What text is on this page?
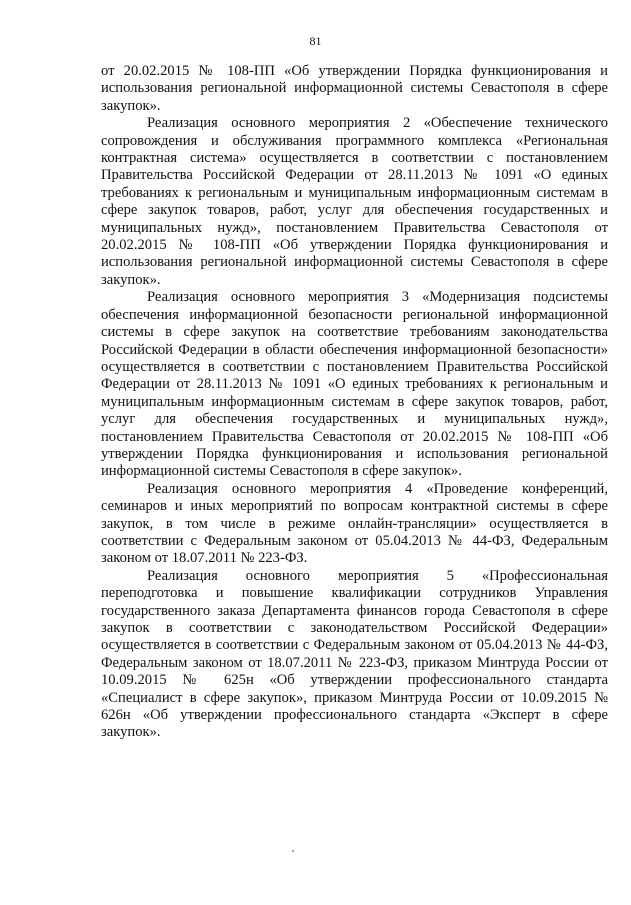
81

от 20.02.2015 № 108-ПП «Об утверждении Порядка функционирования и использования региональной информационной системы Севастополя в сфере закупок».

Реализация основного мероприятия 2 «Обеспечение технического сопровождения и обслуживания программного комплекса «Региональная контрактная система» осуществляется в соответствии с постановлением Правительства Российской Федерации от 28.11.2013 № 1091 «О единых требованиях к региональным и муниципальным информационным системам в сфере закупок товаров, работ, услуг для обеспечения государственных и муниципальных нужд», постановлением Правительства Севастополя от 20.02.2015 № 108-ПП «Об утверждении Порядка функционирования и использования региональной информационной системы Севастополя в сфере закупок».

Реализация основного мероприятия 3 «Модернизация подсистемы обеспечения информационной безопасности региональной информационной системы в сфере закупок на соответствие требованиям законодательства Российской Федерации в области обеспечения информационной безопасности» осуществляется в соответствии с постановлением Правительства Российской Федерации от 28.11.2013 № 1091 «О единых требованиях к региональным и муниципальным информационным системам в сфере закупок товаров, работ, услуг для обеспечения государственных и муниципальных нужд», постановлением Правительства Севастополя от 20.02.2015 № 108-ПП «Об утверждении Порядка функционирования и использования региональной информационной системы Севастополя в сфере закупок».

Реализация основного мероприятия 4 «Проведение конференций, семинаров и иных мероприятий по вопросам контрактной системы в сфере закупок, в том числе в режиме онлайн-трансляции» осуществляется в соответствии с Федеральным законом от 05.04.2013 № 44-ФЗ, Федеральным законом от 18.07.2011 № 223-ФЗ.

Реализация основного мероприятия 5 «Профессиональная переподготовка и повышение квалификации сотрудников Управления государственного заказа Департамента финансов города Севастополя в сфере закупок в соответствии с законодательством Российской Федерации» осуществляется в соответствии с Федеральным законом от 05.04.2013 № 44-ФЗ, Федеральным законом от 18.07.2011 № 223-ФЗ, приказом Минтруда России от 10.09.2015 № 625н «Об утверждении профессионального стандарта «Специалист в сфере закупок», приказом Минтруда России от 10.09.2015 № 626н «Об утверждении профессионального стандарта «Эксперт в сфере закупок».
